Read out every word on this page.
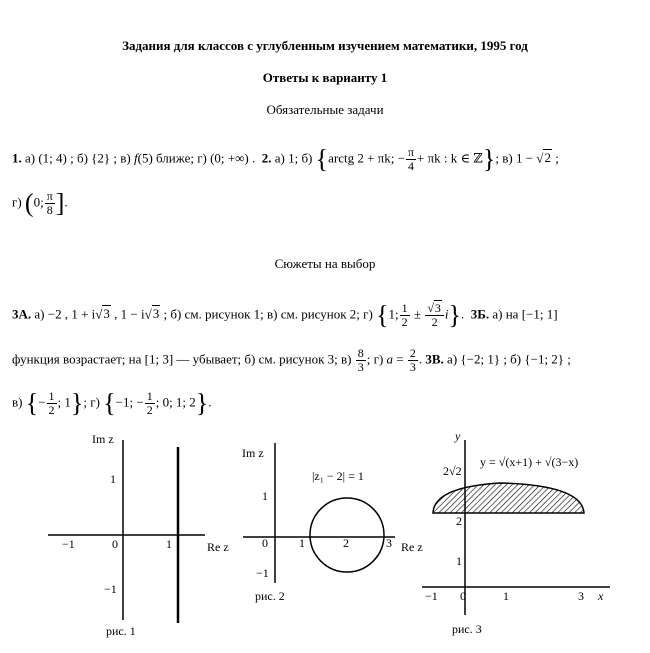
Задания для классов с углубленным изучением математики, 1995 год
Ответы к варианту 1
Обязательные задачи
1. а) (1; 4) ; б) {2} ; в) f(5) ближе; г) (0; +∞) . 2. а) 1; б) {arctg 2 + πk; − $\frac{\pi}{4} + \pi k$ : k ∈ ℤ}; в) 1 − √2 ;
г) (0; $\frac{\pi}{8}$ ].
Сюжеты на выбор
3А. а) −2 , 1 + i√3 , 1 − i√3 ; б) см. рисунок 1; в) см. рисунок 2; г) {1; $\frac{1}{2} \pm \frac{√3}{2} i$}.  3Б. а) на [−1; 1]
функция возрастает; на [1; 3] — убывает; б) см. рисунок 3; $в) \frac{8}{3}$ ; г) $a = \frac{2}{3}$ . 3В. а) {−2; 1} ; б) {−1; 2} ;
в) {− $\frac{1}{2}$ ; 1}; г) {−1; − $\frac{1}{2}$ ; 0; 1; 2}.
Im z
Re z
−1	0	1
1
−1
рис. 1
Im z
Re z
|z₁ − 2| = 1
0	1	2	3
1
−1
рис. 2
y
x
y = √(x+1) + √(3−x)
2√2
2
1
−1 0	1	3
рис. 3
